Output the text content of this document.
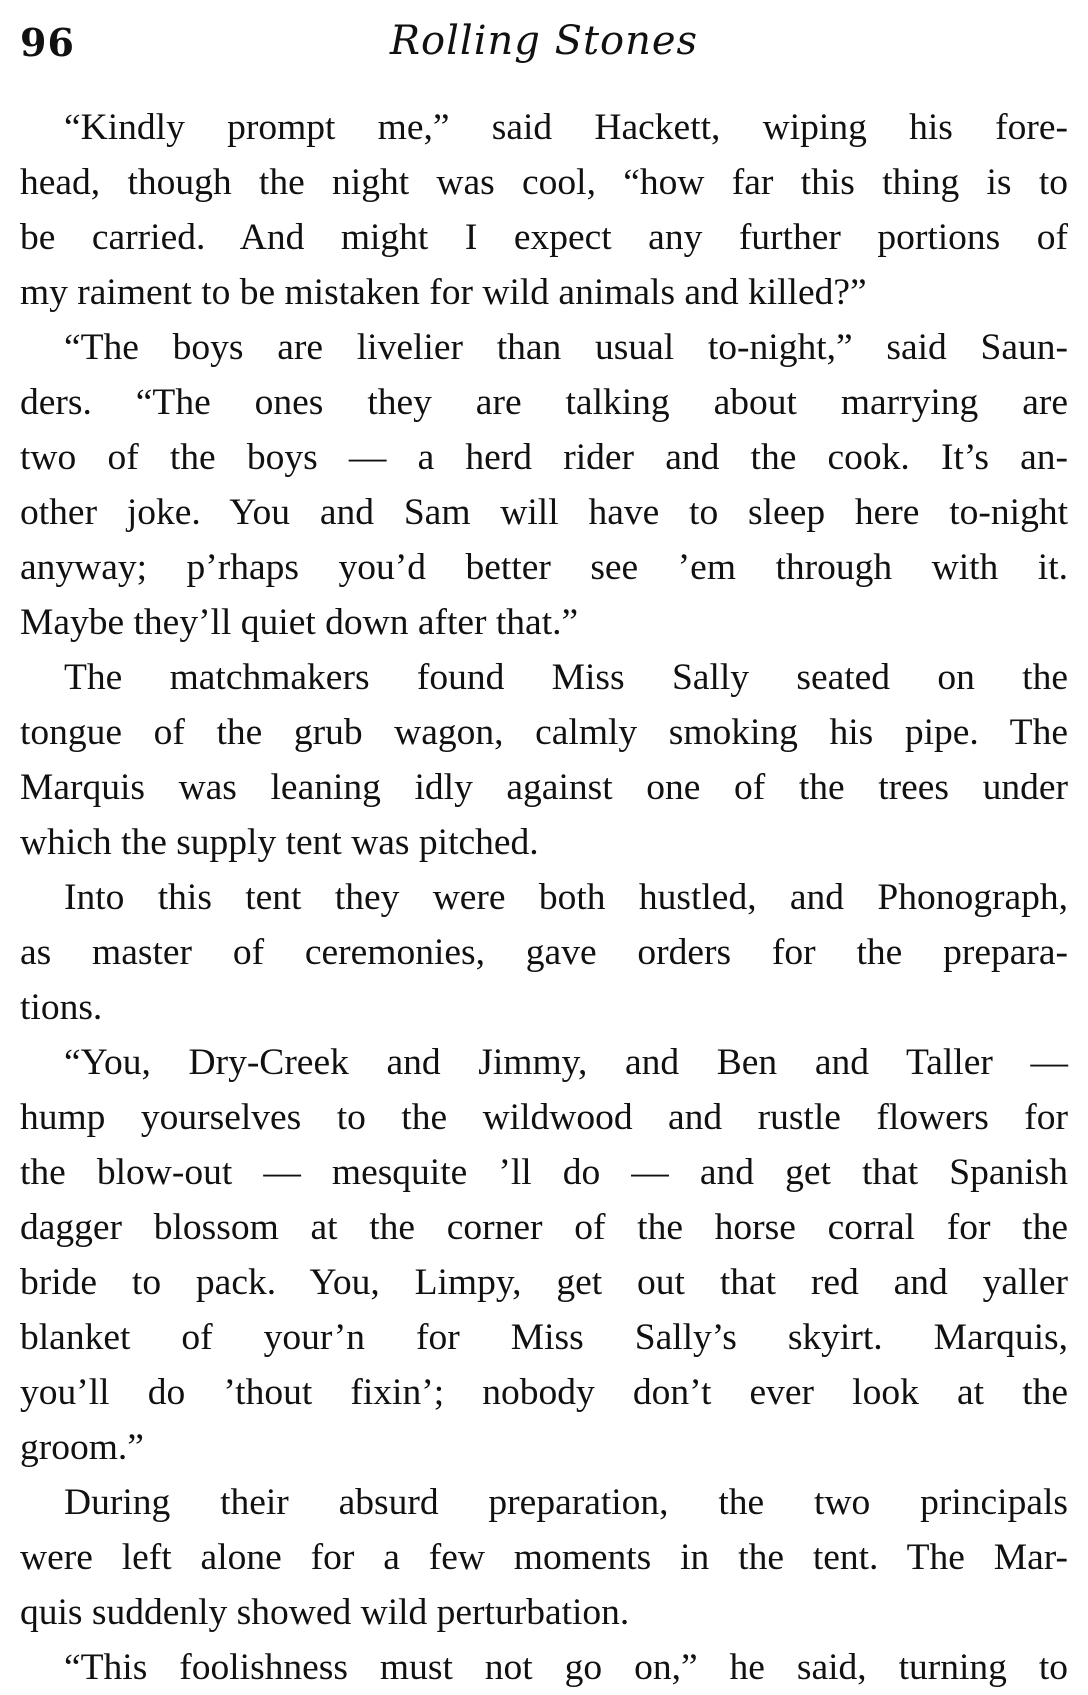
96	Rolling Stones

“Kindly prompt me,” said Hackett, wiping his fore-
head, though the night was cool, “how far this thing is to
be carried. And might I expect any further portions of
my raiment to be mistaken for wild animals and killed?”

“The boys are livelier than usual to-night,” said Saun-
ders. “The ones they are talking about marrying are
two of the boys — a herd rider and the cook. It’s an-
other joke. You and Sam will have to sleep here to-night
anyway; p’rhaps you’d better see ’em through with it.
Maybe they’ll quiet down after that.”

The matchmakers found Miss Sally seated on the
tongue of the grub wagon, calmly smoking his pipe. The
Marquis was leaning idly against one of the trees under
which the supply tent was pitched.

Into this tent they were both hustled, and Phonograph,
as master of ceremonies, gave orders for the prepara-
tions.

“You, Dry-Creek and Jimmy, and Ben and Taller —
hump yourselves to the wildwood and rustle flowers for
the blow-out — mesquite ’ll do — and get that Spanish
dagger blossom at the corner of the horse corral for the
bride to pack. You, Limpy, get out that red and yaller
blanket of your’n for Miss Sally’s skyirt. Marquis,
you’ll do ’thout fixin’; nobody don’t ever look at the
groom.”

During their absurd preparation, the two principals
were left alone for a few moments in the tent. The Mar-
quis suddenly showed wild perturbation.

“This foolishness must not go on,” he said, turning to
